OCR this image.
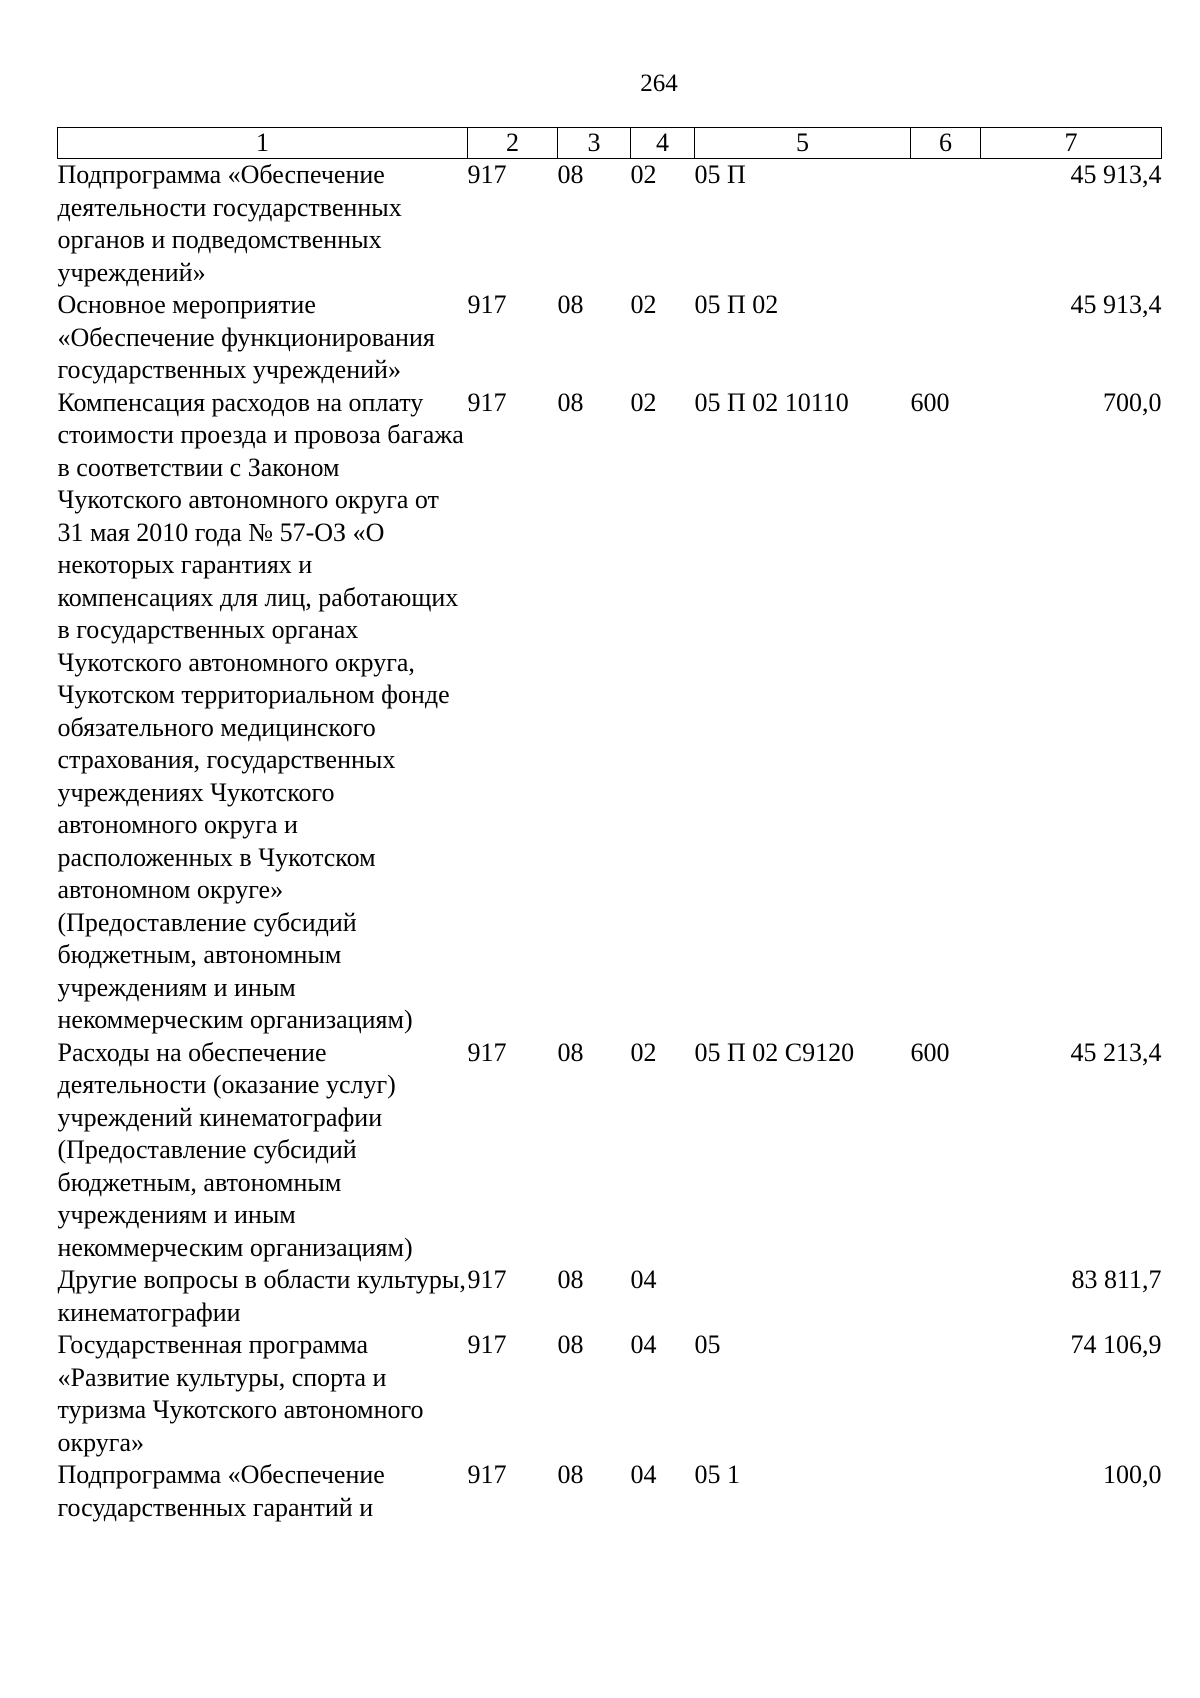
264
1	2	3	4	5	6	7
Подпрограмма «Обеспечение деятельности государственных органов и подведомственных учреждений»	917	08	02	05 П		45 913,4
Основное мероприятие «Обеспечение функционирования государственных учреждений»	917	08	02	05 П 02		45 913,4
Компенсация расходов на оплату стоимости проезда и провоза багажа в соответствии с Законом Чукотского автономного округа от 31 мая 2010 года № 57-ОЗ «О некоторых гарантиях и компенсациях для лиц, работающих в государственных органах Чукотского автономного округа, Чукотском территориальном фонде обязательного медицинского страхования, государственных учреждениях Чукотского автономного округа и расположенных в Чукотском автономном округе» (Предоставление субсидий бюджетным, автономным учреждениям и иным некоммерческим организациям)	917	08	02	05 П 02 10110	600	700,0
Расходы на обеспечение деятельности (оказание услуг) учреждений кинематографии (Предоставление субсидий бюджетным, автономным учреждениям и иным некоммерческим организациям)	917	08	02	05 П 02 С9120	600	45 213,4
Другие вопросы в области культуры, кинематографии	917	08	04			83 811,7
Государственная программа «Развитие культуры, спорта и туризма Чукотского автономного округа»	917	08	04	05		74 106,9
Подпрограмма «Обеспечение государственных гарантий и	917	08	04	05 1		100,0
